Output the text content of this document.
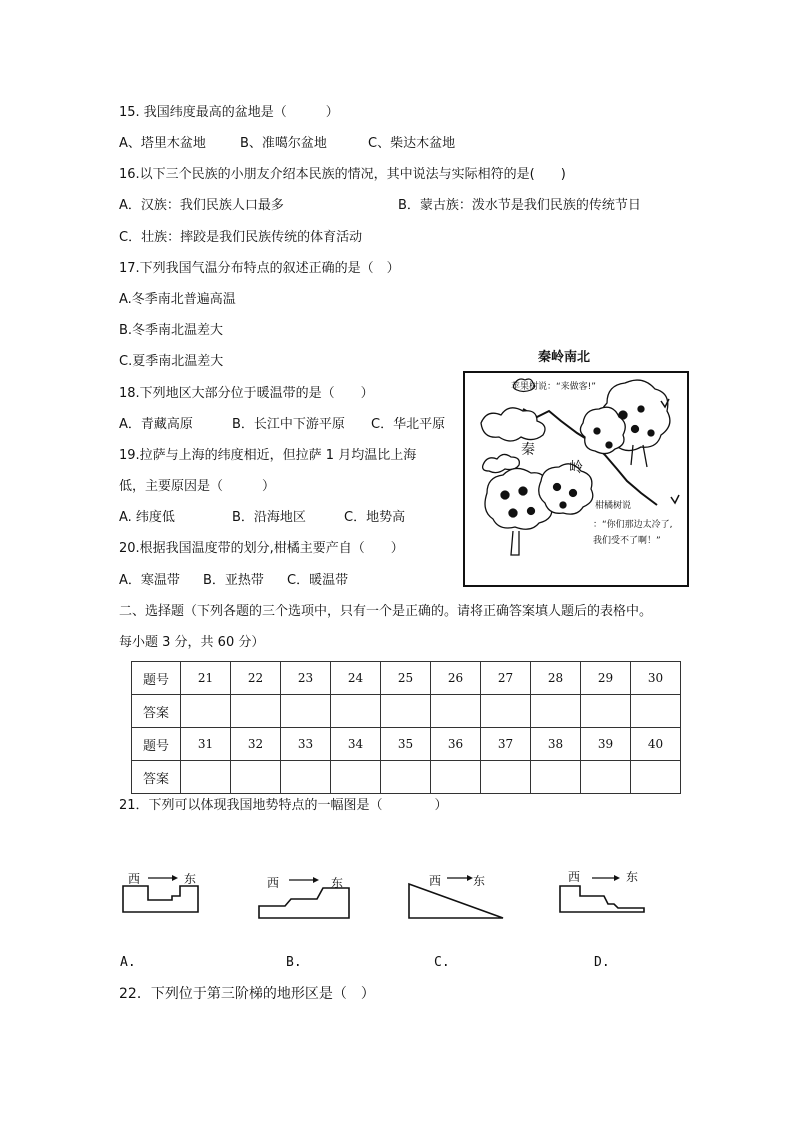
15. 我国纬度最高的盆地是（　　　）
A、塔里木盆地	B、准噶尔盆地	C、柴达木盆地
16.以下三个民族的小朋友介绍本民族的情况，其中说法与实际相符的是(　　)
A．汉族：我们民族人口最多	B．蒙古族：泼水节是我们民族的传统节日
C．壮族：摔跤是我们民族传统的体育活动
17.下列我国气温分布特点的叙述正确的是（　）
A.冬季南北普遍高温
B.冬季南北温差大
C.夏季南北温差大
18.下列地区大部分位于暖温带的是（　　）
A．青藏高原	B．长江中下游平原 C．华北平原
19.拉萨与上海的纬度相近，但拉萨 1 月均温比上海
低，主要原因是（　　　）
A. 纬度低	B．沿海地区	C．地势高
20.根据我国温度带的划分,柑橘主要产自（　　）
A．寒温带 B．亚热带 C．暖温带
秦岭南北
苹果树说：“来做客!”
秦
岭
柑橘树说
：“你们那边太冷了,
我们受不了啊！”
二、选择题（下列各题的三个选项中，只有一个是正确的。请将正确答案填人题后的表格中。
每小题 3 分，共 60 分）
题号	21	22	23	24	25	26	27	28	29	30
答案										
题号	31	32	33	34	35	36	37	38	39	40
答案										
21．下列可以体现我国地势特点的一幅图是（　　　　）
西	东
A.
西	东
B.
西	东
C.
西	东
D.
22．下列位于第三阶梯的地形区是（　）
